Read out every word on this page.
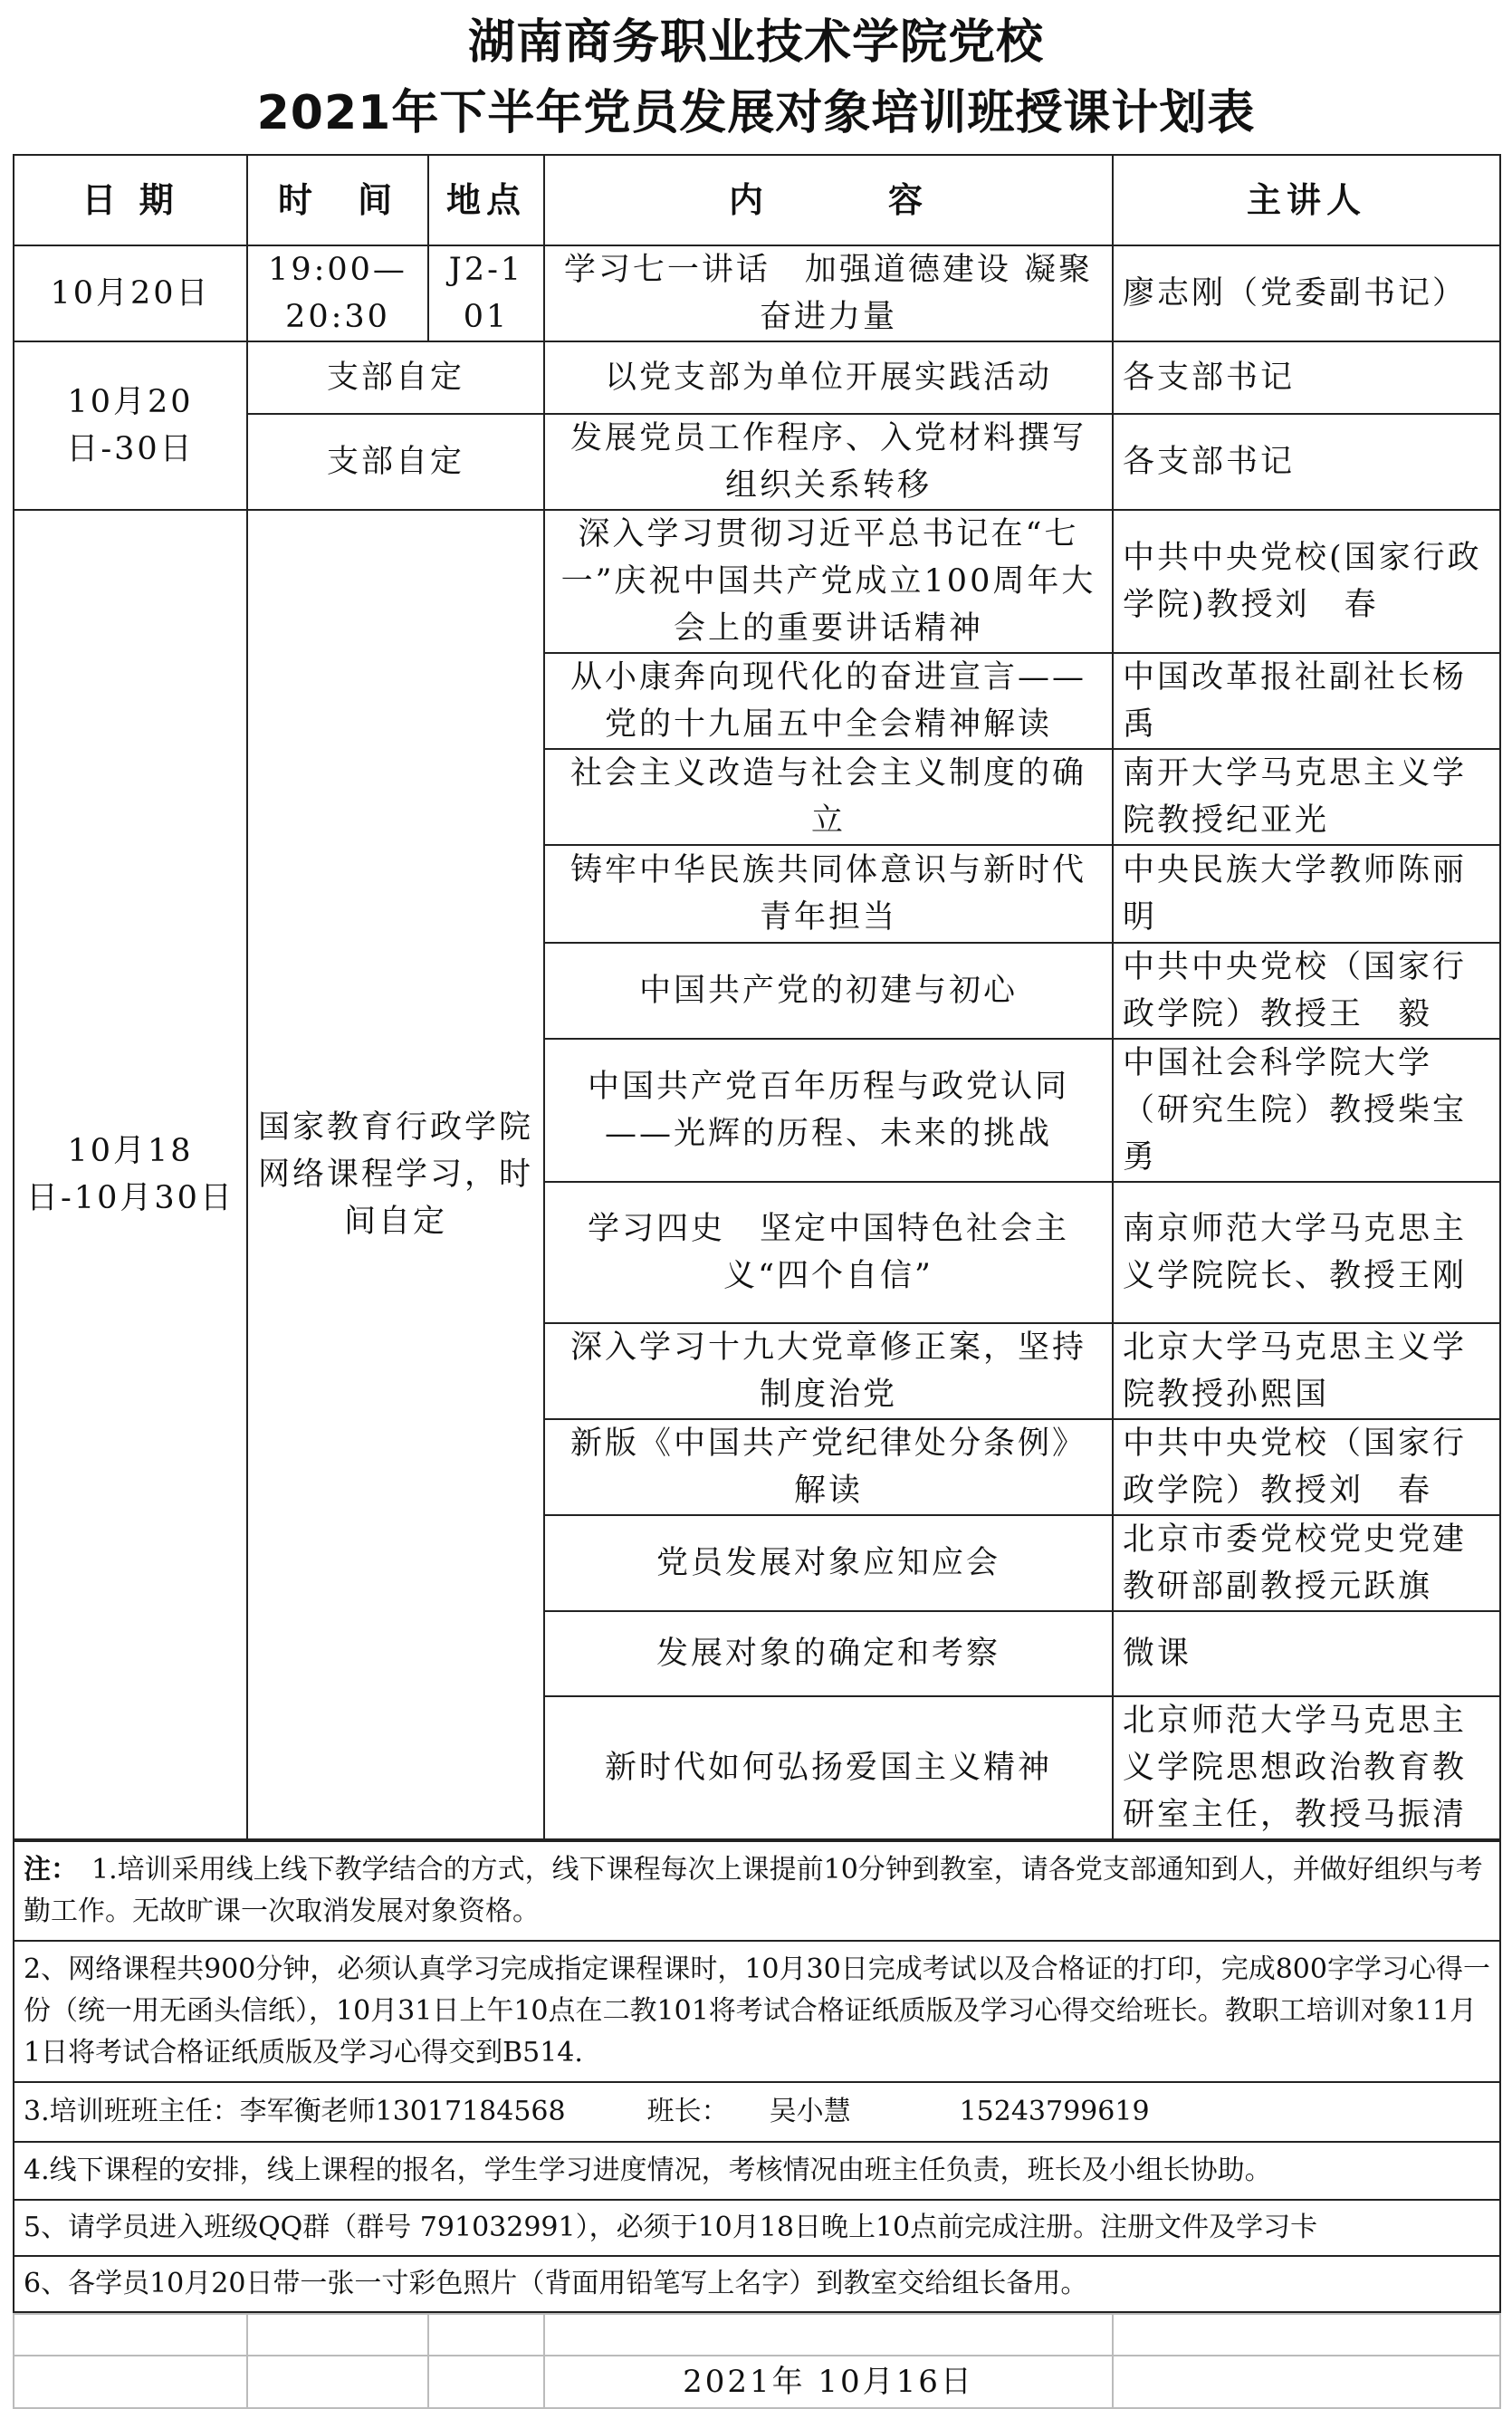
湖南商务职业技术学院党校
2021年下半年党员发展对象培训班授课计划表
日 期	时　间	地点	内　　　容	主讲人
10月20日	19:00—20:30	J2-101	学习七一讲话　加强道德建设 凝聚奋进力量	廖志刚（党委副书记）
10月20日-30日	支部自定		以党支部为单位开展实践活动	各支部书记
	支部自定		发展党员工作程序、入党材料撰写 组织关系转移	各支部书记
10月18日-10月30日	国家教育行政学院网络课程学习，时间自定		深入学习贯彻习近平总书记在“七一”庆祝中国共产党成立100周年大会上的重要讲话精神	中共中央党校(国家行政学院)教授刘　春
			从小康奔向现代化的奋进宣言——党的十九届五中全会精神解读	中国改革报社副社长杨禹
			社会主义改造与社会主义制度的确立	南开大学马克思主义学院教授纪亚光
			铸牢中华民族共同体意识与新时代青年担当	中央民族大学教师陈丽明
			中国共产党的初建与初心	中共中央党校（国家行政学院）教授王　毅
			中国共产党百年历程与政党认同——光辉的历程、未来的挑战	中国社会科学院大学（研究生院）教授柴宝勇
			学习四史　坚定中国特色社会主义“四个自信”	南京师范大学马克思主义学院院长、教授王刚
			深入学习十九大党章修正案，坚持制度治党	北京大学马克思主义学院教授孙熙国
			新版《中国共产党纪律处分条例》解读	中共中央党校（国家行政学院）教授刘　春
			党员发展对象应知应会	北京市委党校党史党建教研部副教授元跃旗
			发展对象的确定和考察	微课
			新时代如何弘扬爱国主义精神	北京师范大学马克思主义学院思想政治教育教研室主任，教授马振清
注：　1.培训采用线上线下教学结合的方式，线下课程每次上课提前10分钟到教室，请各党支部通知到人，并做好组织与考勤工作。无故旷课一次取消发展对象资格。
2、网络课程共900分钟，必须认真学习完成指定课程课时，10月30日完成考试以及合格证的打印，完成800字学习心得一份（统一用无函头信纸），10月31日上午10点在二教101将考试合格证纸质版及学习心得交给班长。教职工培训对象11月1日将考试合格证纸质版及学习心得交到B514.
3.培训班班主任：李军衡老师13017184568　　　班长：　　吴小慧　　　　15243799619
4.线下课程的安排，线上课程的报名，学生学习进度情况，考核情况由班主任负责，班长及小组长协助。
5、请学员进入班级QQ群（群号 791032991），必须于10月18日晚上10点前完成注册。注册文件及学习卡
6、各学员10月20日带一张一寸彩色照片（背面用铅笔写上名字）到教室交给组长备用。

			2021年 10月16日	
